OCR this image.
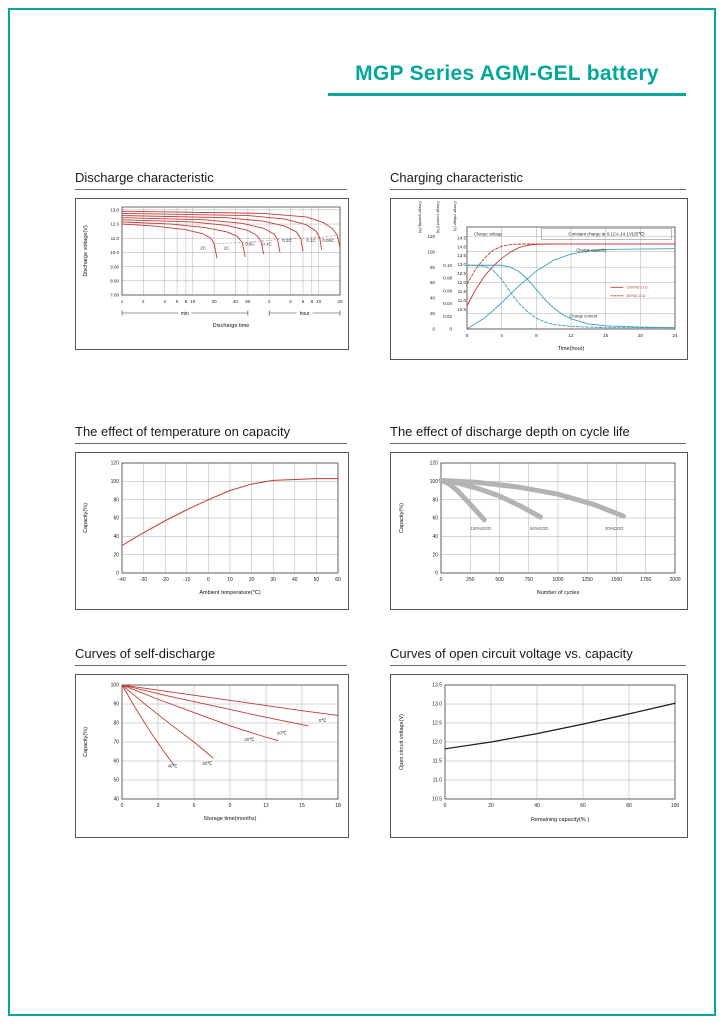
MGP Series AGM-GEL battery
Discharge characteristic
1	2	4 6 8 10	20	40 60	2	4 6 8 10	20
13.0
12.0
11.0
10.0
9.00
8.00
7.00
Discharge time
Discharge voltage(V)
min	hour
2C	1C
0.6C 0.4C
0.2C	0.1C 0.05C
Charging characteristic
0	4	8	12	16	20	24
120
100
80
60
40
20
0
Charge quantity (%)
0.10
0.08
0.06
0.04
0.02
0
Charge current (CA)
14.5
14.0
13.5
13.0
12.5
12.0
11.5
11.0
10.5
Charge voltage (V)
Time(hour)
Constant charge at 0.1CA-14.1V(25℃)
Charge voltage
Charge capacity
Charge current
100%D.O.D
50%D.O.D
The effect of temperature on capacity
-40	-30	-20	-10	0	10	20	30	40	50	60
120
100
80
60
40
20
0
Ambient temperature(℃)
Capacity(%)
The effect of discharge depth on cycle life
0	250	500	750	1000	1250	1500	1750	2000
120
100
80
60
40
20
0
Number of cycles
Capacity(%)	100%DOD	50%DOD	30%DOD
Curves of self-discharge
0	3	6	9	12	15	18
100
90
80
70
60
50
40
Storage time(months)
Capacity(%)
40℃
30℃
20℃
10℃
0℃
Curves of open circuit voltage vs. capacity
0	20	40	60	80	100
13.5
13.0
12.5
12.0
11.5
11.0
10.5
Remaining capacity(% )
Open circuit voltage(V)
